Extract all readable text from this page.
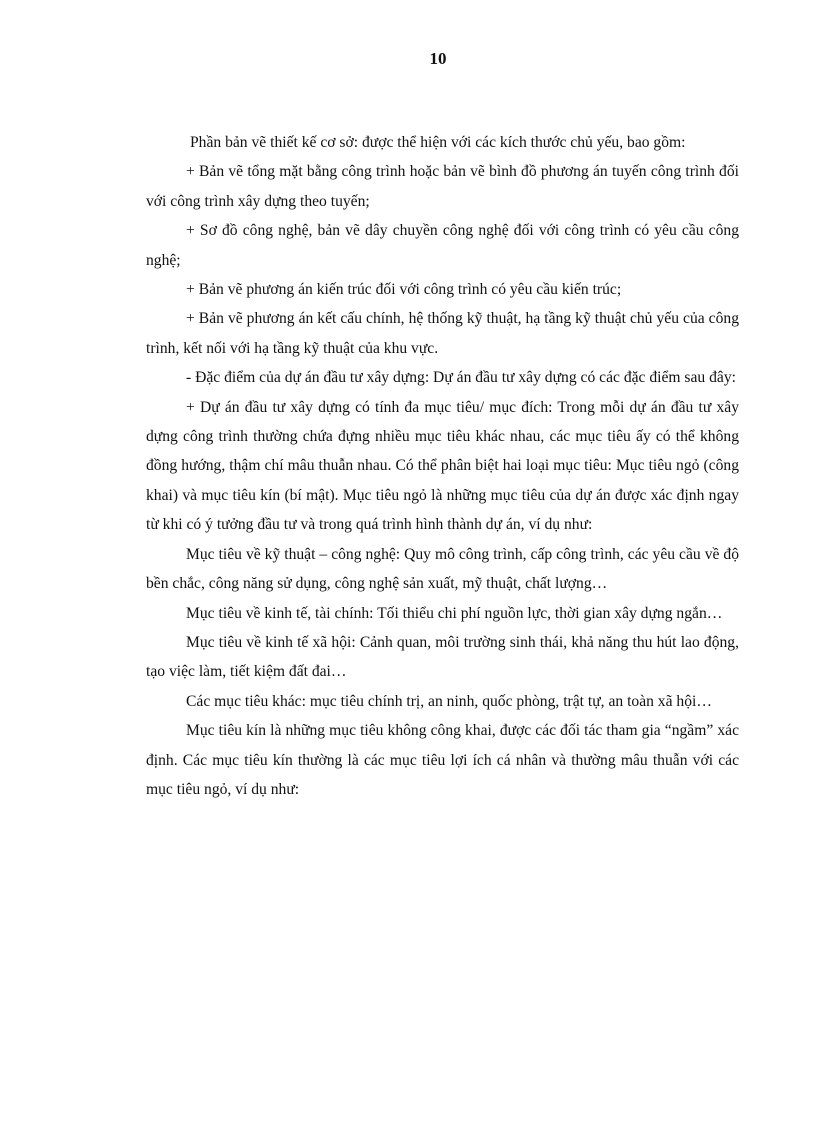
10

Phần bản vẽ thiết kế cơ sở: được thể hiện với các kích thước chủ yếu, bao gồm:

+ Bản vẽ tổng mặt bằng công trình hoặc bản vẽ bình đồ phương án tuyến công trình đối với công trình xây dựng theo tuyến;

+ Sơ đồ công nghệ, bản vẽ dây chuyền công nghệ đối với công trình có yêu cầu công nghệ;

+ Bản vẽ phương án kiến trúc đối với công trình có yêu cầu kiến trúc;

+ Bản vẽ phương án kết cấu chính, hệ thống kỹ thuật, hạ tầng kỹ thuật chủ yếu của công trình, kết nối với hạ tầng kỹ thuật của khu vực.

- Đặc điểm của dự án đầu tư xây dựng: Dự án đầu tư xây dựng có các đặc điểm sau đây:

+ Dự án đầu tư xây dựng có tính đa mục tiêu/ mục đích: Trong mỗi dự án đầu tư xây dựng công trình thường chứa đựng nhiều mục tiêu khác nhau, các mục tiêu ấy có thể không đồng hướng, thậm chí mâu thuẫn nhau. Có thể phân biệt hai loại mục tiêu: Mục tiêu ngỏ (công khai) và mục tiêu kín (bí mật). Mục tiêu ngỏ là những mục tiêu của dự án được xác định ngay từ khi có ý tưởng đầu tư và trong quá trình hình thành dự án, ví dụ như:

Mục tiêu về kỹ thuật – công nghệ: Quy mô công trình, cấp công trình, các yêu cầu về độ bền chắc, công năng sử dụng, công nghệ sản xuất, mỹ thuật, chất lượng…

Mục tiêu về kinh tế, tài chính: Tối thiểu chi phí nguồn lực, thời gian xây dựng ngắn…

Mục tiêu về kinh tế xã hội: Cảnh quan, môi trường sinh thái, khả năng thu hút lao động, tạo việc làm, tiết kiệm đất đai…

Các mục tiêu khác: mục tiêu chính trị, an ninh, quốc phòng, trật tự, an toàn xã hội…

Mục tiêu kín là những mục tiêu không công khai, được các đối tác tham gia “ngầm” xác định. Các mục tiêu kín thường là các mục tiêu lợi ích cá nhân và thường mâu thuẫn với các mục tiêu ngỏ, ví dụ như:
